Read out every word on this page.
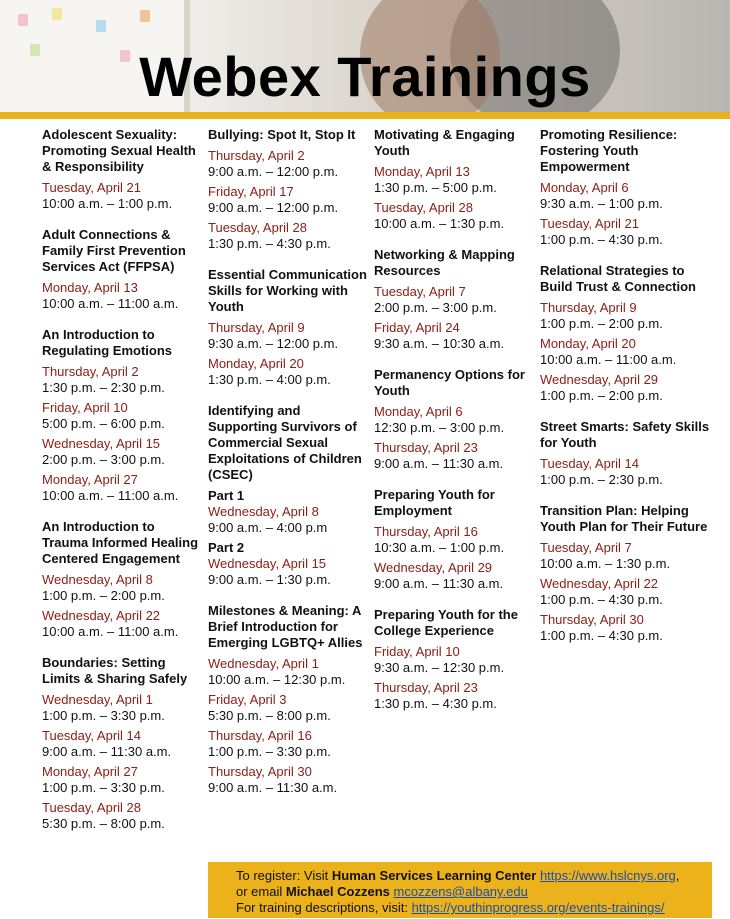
Webex Trainings
Adolescent Sexuality: Promoting Sexual Health & Responsibility
Tuesday, April 21
10:00 a.m. – 1:00 p.m.
Adult Connections & Family First Prevention Services Act (FFPSA)
Monday, April 13
10:00 a.m. – 11:00 a.m.
An Introduction to Regulating Emotions
Thursday, April 2
1:30 p.m. – 2:30 p.m.
Friday, April 10
5:00 p.m. – 6:00 p.m.
Wednesday, April 15
2:00 p.m. – 3:00 p.m.
Monday, April 27
10:00 a.m. – 11:00 a.m.
An Introduction to Trauma Informed Healing Centered Engagement
Wednesday, April 8
1:00 p.m. – 2:00 p.m.
Wednesday, April 22
10:00 a.m. – 11:00 a.m.
Boundaries: Setting Limits & Sharing Safely
Wednesday, April 1
1:00 p.m. – 3:30 p.m.
Tuesday, April 14
9:00 a.m. – 11:30 a.m.
Monday, April 27
1:00 p.m. – 3:30 p.m.
Tuesday, April 28
5:30 p.m. – 8:00 p.m.
Bullying: Spot It, Stop It
Thursday, April 2
9:00 a.m. – 12:00 p.m.
Friday, April 17
9:00 a.m. – 12:00 p.m.
Tuesday, April 28
1:30 p.m. – 4:30 p.m.
Essential Communication Skills for Working with Youth
Thursday, April 9
9:30 a.m. – 12:00 p.m.
Monday, April 20
1:30 p.m. – 4:00 p.m.
Identifying and Supporting Survivors of Commercial Sexual Exploitations of Children (CSEC)
Part 1
Wednesday, April 8
9:00 a.m. – 4:00 p.m
Part 2
Wednesday, April 15
9:00 a.m. – 1:30 p.m.
Milestones & Meaning: A Brief Introduction for Emerging LGBTQ+ Allies
Wednesday, April 1
10:00 a.m. – 12:30 p.m.
Friday, April 3
5:30 p.m. – 8:00 p.m.
Thursday, April 16
1:00 p.m. – 3:30 p.m.
Thursday, April 30
9:00 a.m. – 11:30 a.m.
Motivating & Engaging Youth
Monday, April 13
1:30 p.m. – 5:00 p.m.
Tuesday, April 28
10:00 a.m. – 1:30 p.m.
Networking & Mapping Resources
Tuesday, April 7
2:00 p.m. – 3:00 p.m.
Friday, April 24
9:30 a.m. – 10:30 a.m.
Permanency Options for Youth
Monday, April 6
12:30 p.m. – 3:00 p.m.
Thursday, April 23
9:00 a.m. – 11:30 a.m.
Preparing Youth for Employment
Thursday, April 16
10:30 a.m. – 1:00 p.m.
Wednesday, April 29
9:00 a.m. – 11:30 a.m.
Preparing Youth for the College Experience
Friday, April 10
9:30 a.m. – 12:30 p.m.
Thursday, April 23
1:30 p.m. – 4:30 p.m.
Promoting Resilience: Fostering Youth Empowerment
Monday, April 6
9:30 a.m. – 1:00 p.m.
Tuesday, April 21
1:00 p.m. – 4:30 p.m.
Relational Strategies to Build Trust & Connection
Thursday, April 9
1:00 p.m. – 2:00 p.m.
Monday, April 20
10:00 a.m. – 11:00 a.m.
Wednesday, April 29
1:00 p.m. – 2:00 p.m.
Street Smarts: Safety Skills for Youth
Tuesday, April 14
1:00 p.m. – 2:30 p.m.
Transition Plan: Helping Youth Plan for Their Future
Tuesday, April 7
10:00 a.m. – 1:30 p.m.
Wednesday, April 22
1:00 p.m. – 4:30 p.m.
Thursday, April 30
1:00 p.m. – 4:30 p.m.
To register: Visit Human Services Learning Center https://www.hslcnys.org,
or email Michael Cozzens mcozzens@albany.edu
For training descriptions, visit: https://youthinprogress.org/events-trainings/
